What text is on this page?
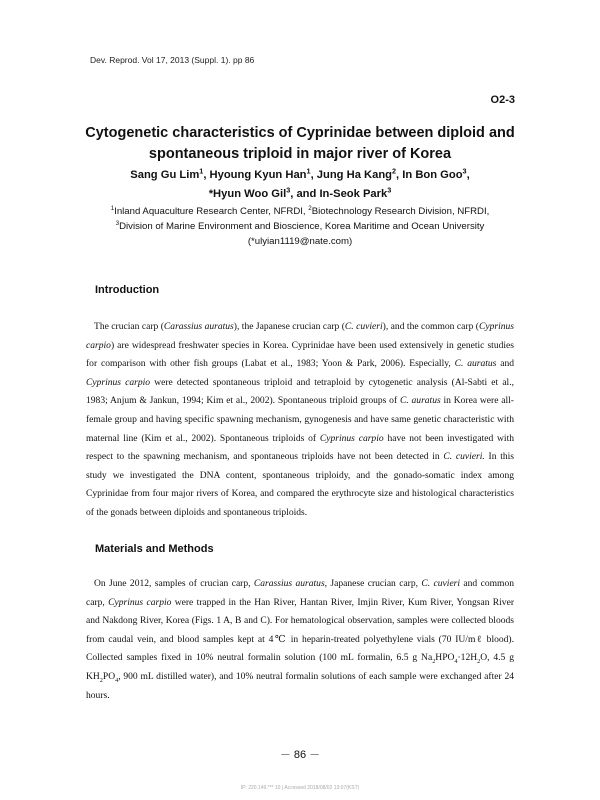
Dev. Reprod. Vol 17, 2013 (Suppl. 1). pp 86
O2-3
Cytogenetic characteristics of Cyprinidae between diploid and
spontaneous triploid in major river of Korea
Sang Gu Lim$^1$, Hyoung Kyun Han$^1$, Jung Ha Kang$^2$, In Bon Goo$^3$,
*Hyun Woo Gil$^3$, and In-Seok Park$^3$
$^1$Inland Aquaculture Research Center, NFRDI, $^2$Biotechnology Research Division, NFRDI,
$^3$Division of Marine Environment and Bioscience, Korea Maritime and Ocean University
(*ulyian1119@nate.com)
Introduction

The crucian carp (Carassius auratus), the Japanese crucian carp (C. cuvieri), and the common carp (Cyprinus carpio) are widespread freshwater species in Korea. Cyprinidae have been used extensively in genetic studies for comparison with other fish groups (Labat et al., 1983; Yoon & Park, 2006). Especially, C. auratus and Cyprinus carpio were detected spontaneous triploid and tetraploid by cytogenetic analysis (Al-Sabti et al., 1983; Anjum & Jankun, 1994; Kim et al., 2002). Spontaneous triploid groups of C. auratus in Korea were all-female group and having specific spawning mechanism, gynogenesis and have same genetic characteristic with maternal line (Kim et al., 2002). Spontaneous triploids of Cyprinus carpio have not been investigated with respect to the spawning mechanism, and spontaneous triploids have not been detected in C. cuvieri. In this study we investigated the DNA content, spontaneous triploidy, and the gonado-somatic index among Cyprinidae from four major rivers of Korea, and compared the erythrocyte size and histological characteristics of the gonads between diploids and spontaneous triploids.

Materials and Methods

On June 2012, samples of crucian carp, Carassius auratus, Japanese crucian carp, C. cuvieri and common carp, Cyprinus carpio were trapped in the Han River, Hantan River, Imjin River, Kum River, Yongsan River and Nakdong River, Korea (Figs. 1 A, B and C). For hematological observation, samples were collected bloods from caudal vein, and blood samples kept at 4℃ in heparin-treated polyethylene vials (70 IU/mℓ blood). Collected samples fixed in 10% neutral formalin solution (100 mL formalin, 6.5 g $Na_2HPO_4\cdot 12H_2O$, 4.5 g $KH_2PO_4$, 900 mL distilled water), and 10% neutral formalin solutions of each sample were exchanged after 24 hours.

－ 86 －
IP: 220.149.*** 10 | Accessed 2018/08/02 13:07(KST)
